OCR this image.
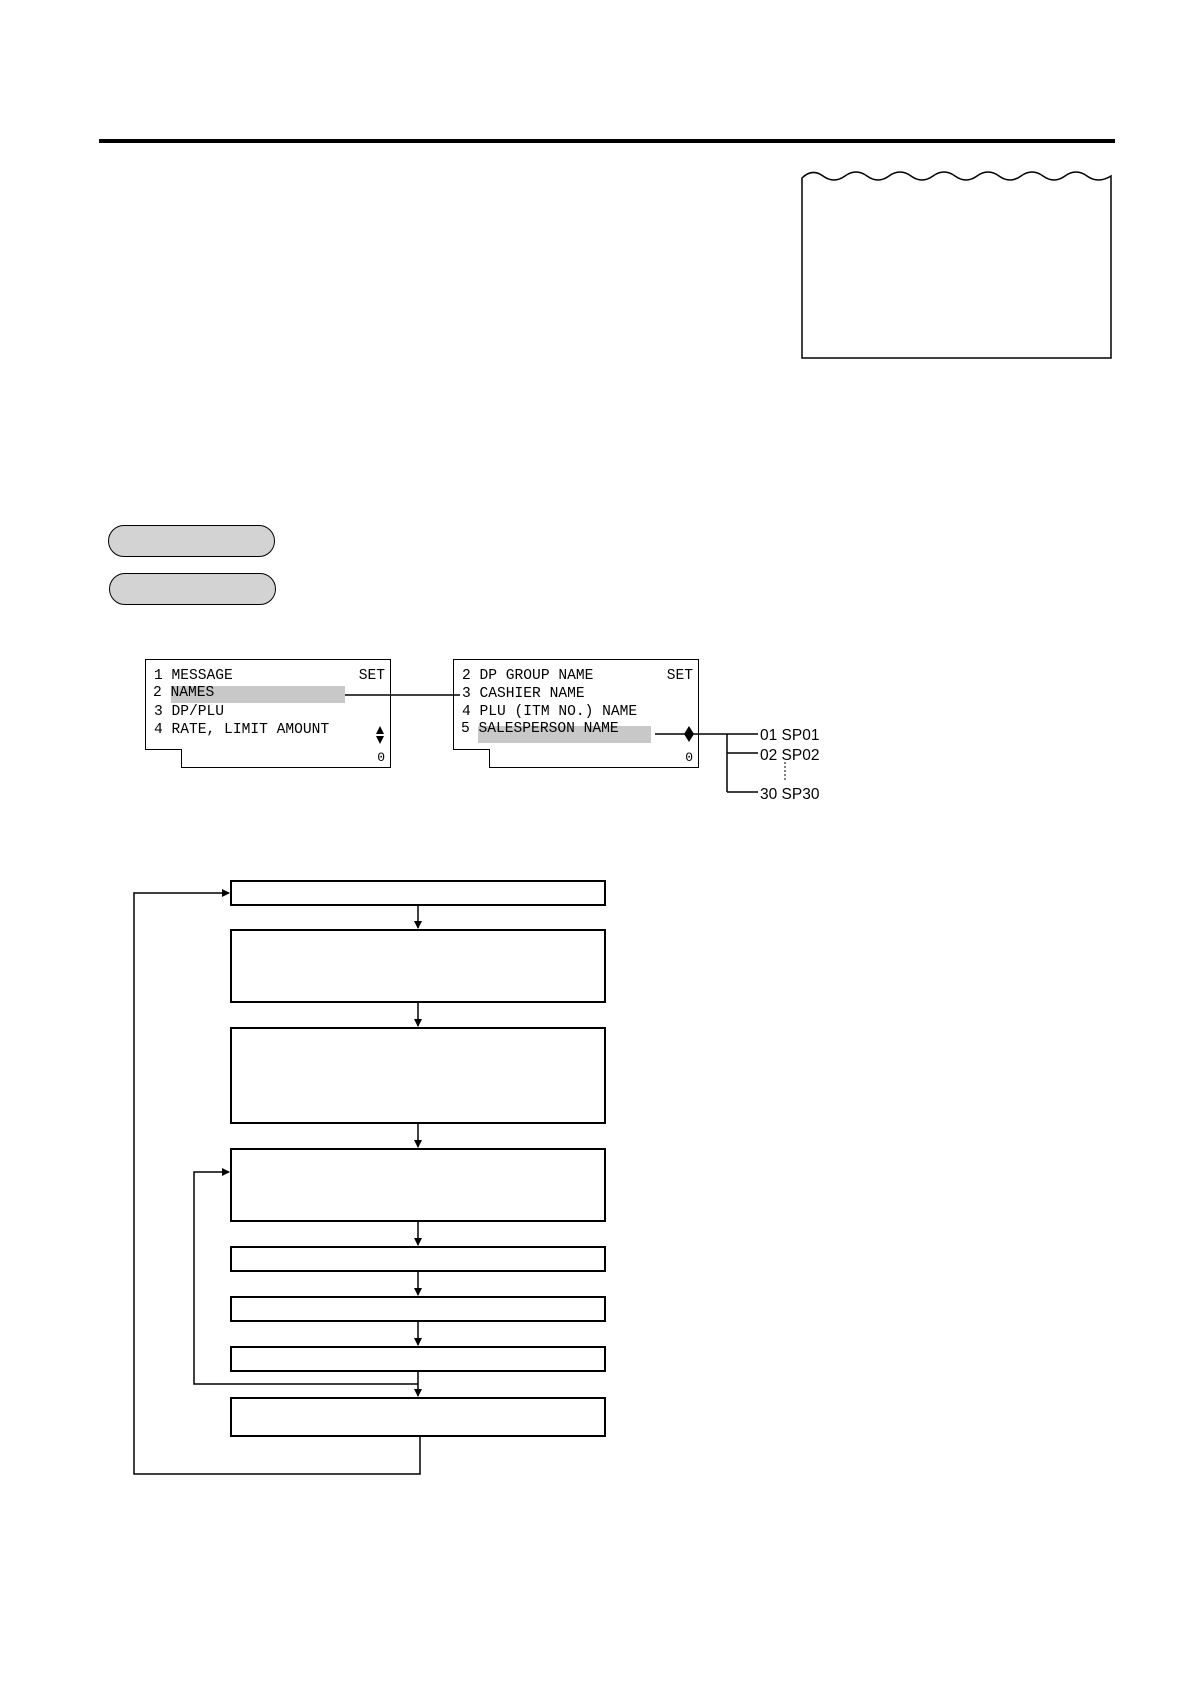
1 MESSAGE	SET
3 DP/PLU
4 RATE, LIMIT AMOUNT
0
2 DP GROUP NAME	SET
3 CASHIER NAME
4 PLU (ITM NO.) NAME
0
2 NAMES
5 SALESPERSON NAME	01 SP01
02 SP02
30 SP30
